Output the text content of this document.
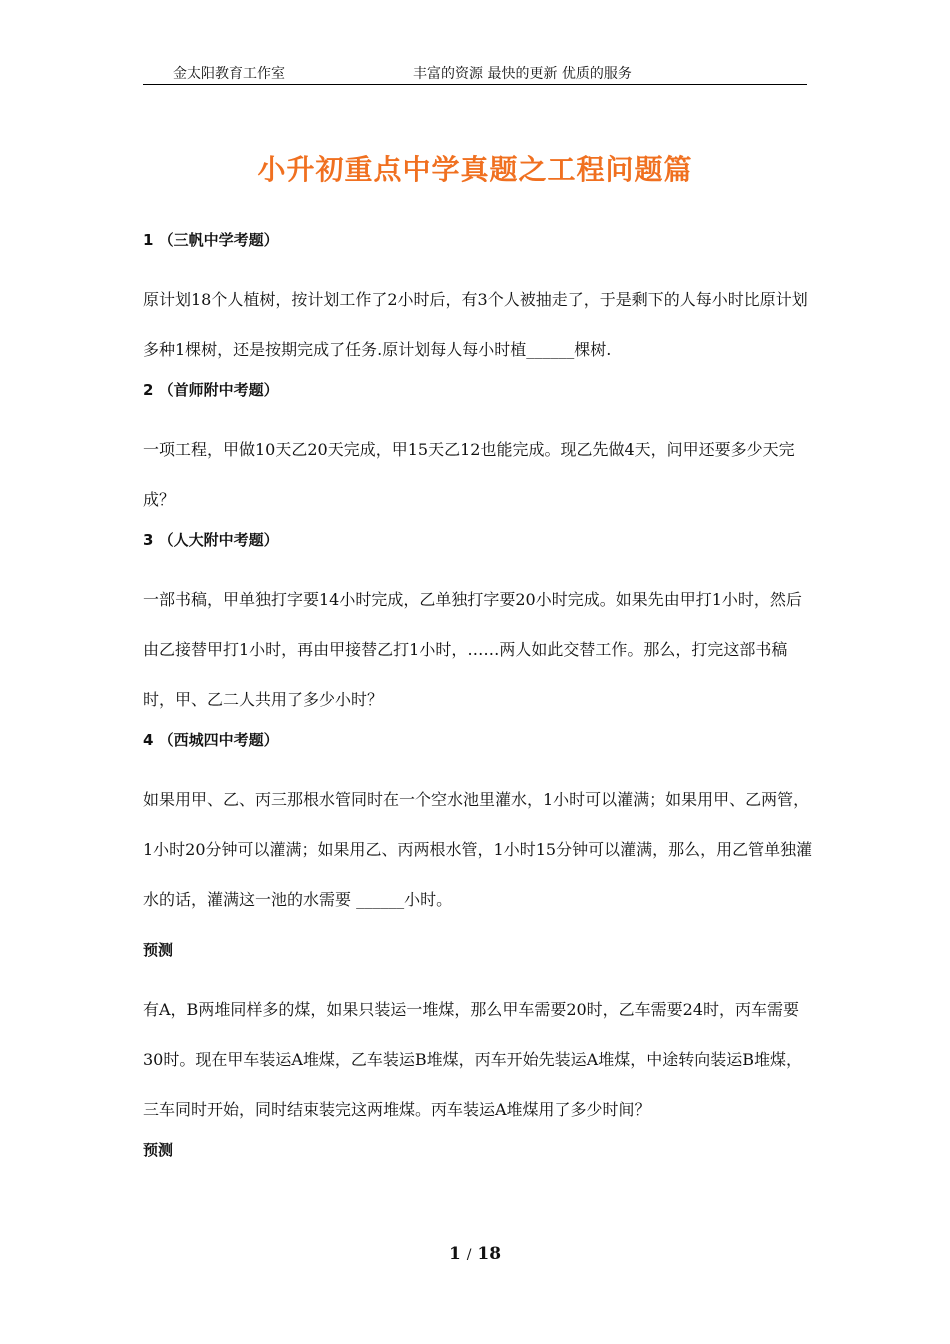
金太阳教育工作室	丰富的资源 最快的更新 优质的服务
小升初重点中学真题之工程问题篇
1 （三帆中学考题）

原计划18个人植树，按计划工作了2小时后，有3个人被抽走了，于是剩下的人每小时比原计划多种1棵树，还是按期完成了任务.原计划每人每小时植______棵树.

2 （首师附中考题）

一项工程，甲做10天乙20天完成，甲15天乙12也能完成。现乙先做4天，问甲还要多少天完成？

3 （人大附中考题）

一部书稿，甲单独打字要14小时完成，乙单独打字要20小时完成。如果先由甲打1小时，然后由乙接替甲打1小时，再由甲接替乙打1小时，……两人如此交替工作。那么，打完这部书稿时，甲、乙二人共用了多少小时？

4 （西城四中考题）

如果用甲、乙、丙三那根水管同时在一个空水池里灌水，1小时可以灌满；如果用甲、乙两管，1小时20分钟可以灌满；如果用乙、丙两根水管，1小时15分钟可以灌满，那么，用乙管单独灌水的话，灌满这一池的水需要 ______小时。

预测

有A，B两堆同样多的煤，如果只装运一堆煤，那么甲车需要20时，乙车需要24时，丙车需要30时。现在甲车装运A堆煤，乙车装运B堆煤，丙车开始先装运A堆煤，中途转向装运B堆煤，三车同时开始，同时结束装完这两堆煤。丙车装运A堆煤用了多少时间？

预测
1 / 18
